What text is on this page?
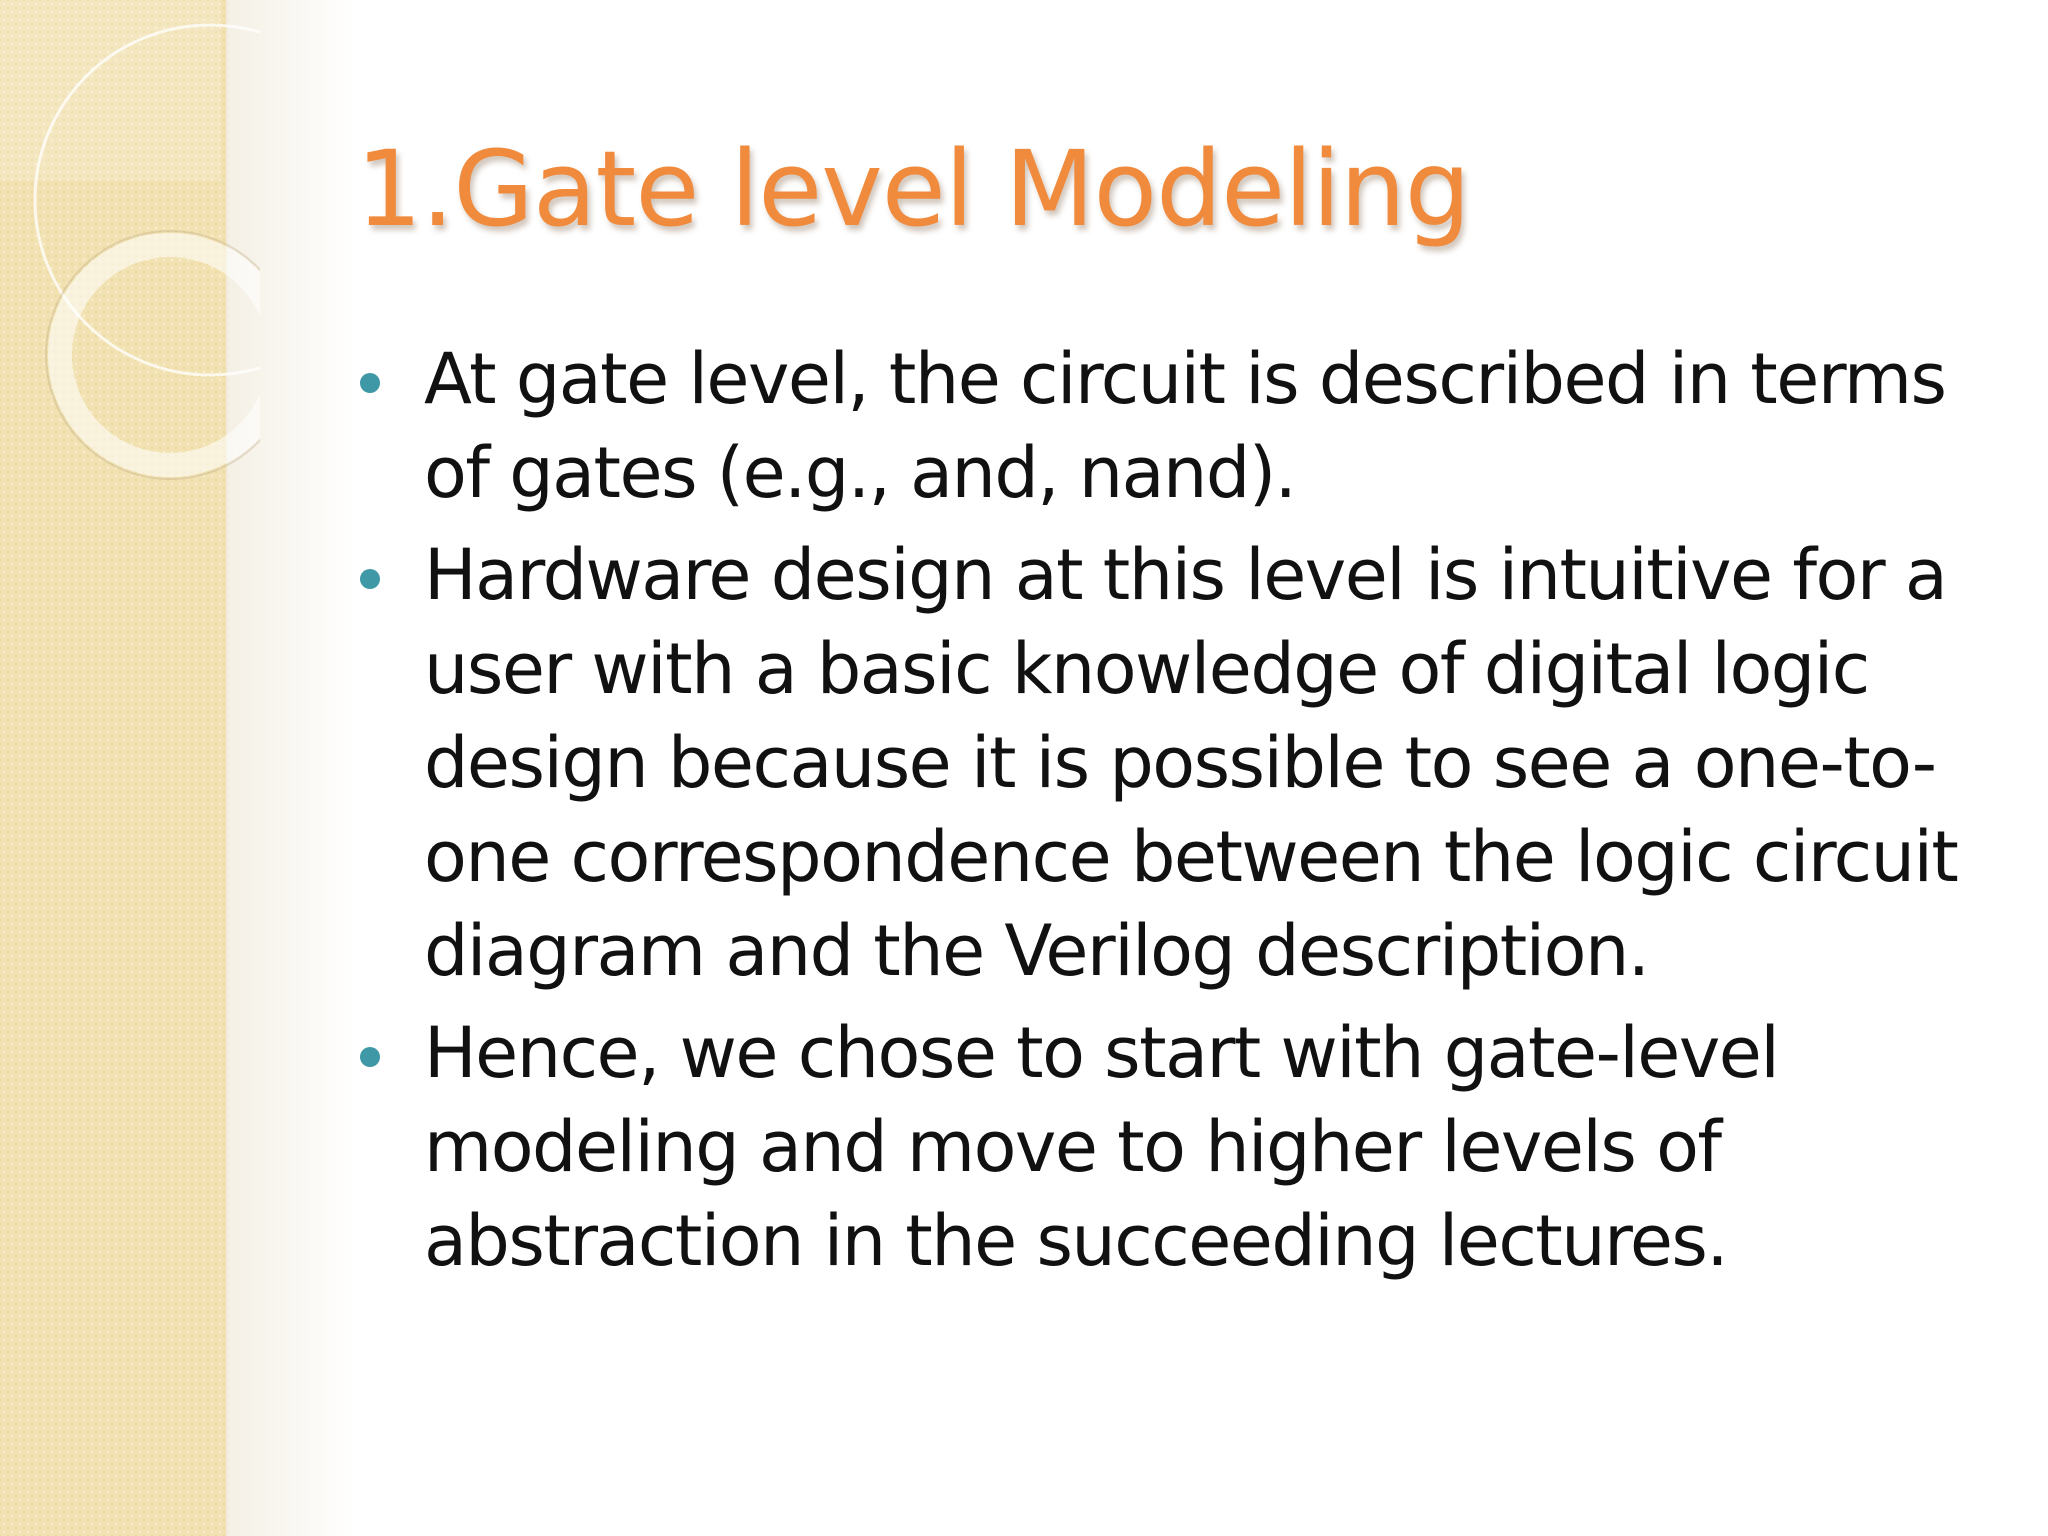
1.Gate level Modeling
At gate level, the circuit is described in terms of gates (e.g., and, nand).
Hardware design at this level is intuitive for a user with a basic knowledge of digital logic design because it is possible to see a one-to-one correspondence between the logic circuit diagram and the Verilog description.
Hence, we chose to start with gate-level modeling and move to higher levels of abstraction in the succeeding lectures.
